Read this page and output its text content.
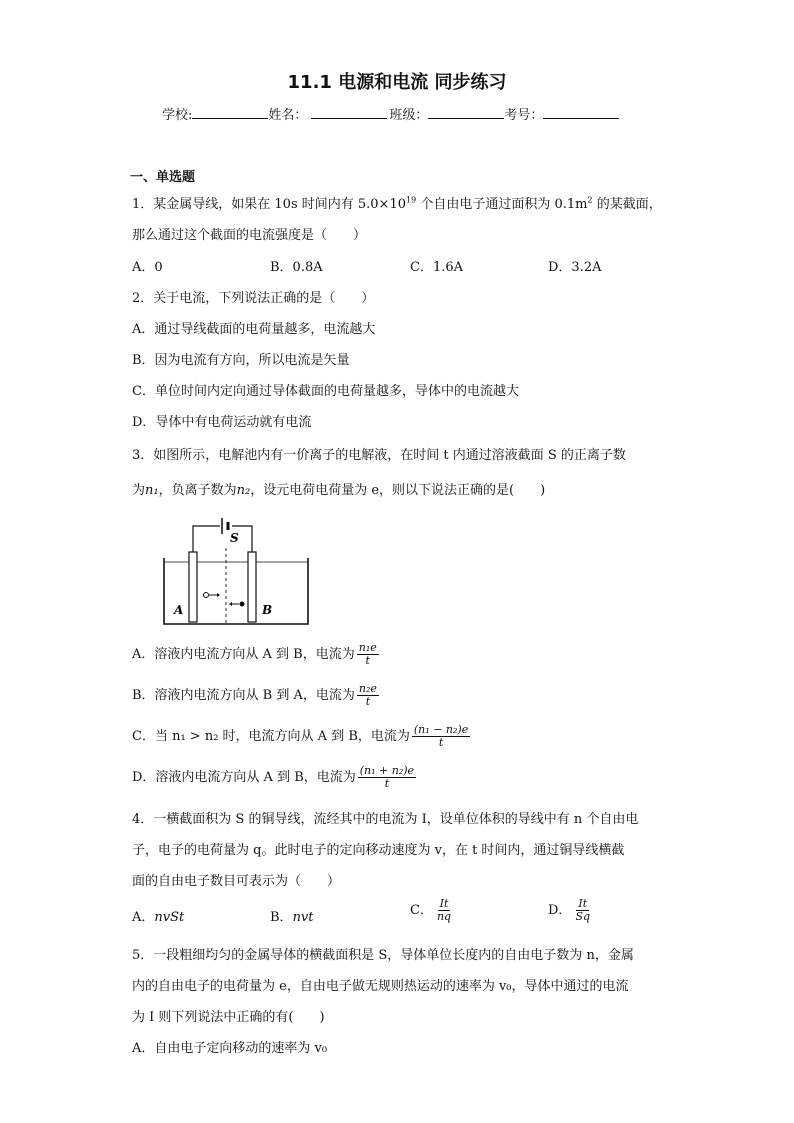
11.1 电源和电流 同步练习
学校:	姓名：	班级：	考号：
一、单选题
1．某金属导线，如果在 10s 时间内有 $5.0\times 10^{19}$ 个自由电子通过面积为 $0.1m^2$ 的某截面，
那么通过这个截面的电流强度是（　　）
A．0	B．0.8A	C．1.6A	D．3.2A
2．关于电流，下列说法正确的是（　　）
A．通过导线截面的电荷量越多，电流越大
B．因为电流有方向，所以电流是矢量
C．单位时间内定向通过导体截面的电荷量越多，导体中的电流越大
D．导体中有电荷运动就有电流
3．如图所示，电解池内有一价离子的电解液，在时间 t 内通过溶液截面 S 的正离子数
为n₁，负离子数为n₂，设元电荷电荷量为 e，则以下说法正确的是(　　)
S
A	B
A．溶液内电流方向从 A 到 B，电流为 $\frac{\text{n₁e}}{t}$
B．溶液内电流方向从 B 到 A，电流为 $\frac{\text{n₂e}}{t}$
C．当 n₁ > n₂ 时，电流方向从 A 到 B，电流为 $\frac{\text{(n₁ − n₂)e}}{t}$
D．溶液内电流方向从 A 到 B，电流为 $\frac{\text{(n₁ + n₂)e}}{t}$
4．一横截面积为 S 的铜导线，流经其中的电流为 I，设单位体积的导线中有 n 个自由电
子，电子的电荷量为 q。此时电子的定向移动速度为 v，在 t 时间内，通过铜导线横截
面的自由电子数目可表示为（　　）
A．nvSt	B．nvt	C． $\frac{It}{nq}$	D． $\frac{It}{Sq}$
5．一段粗细均匀的金属导体的横截面积是 S，导体单位长度内的自由电子数为 n，金属
内的自由电子的电荷量为 e，自由电子做无规则热运动的速率为 v₀，导体中通过的电流
为 I 则下列说法中正确的有(　　)
A．自由电子定向移动的速率为 v₀
